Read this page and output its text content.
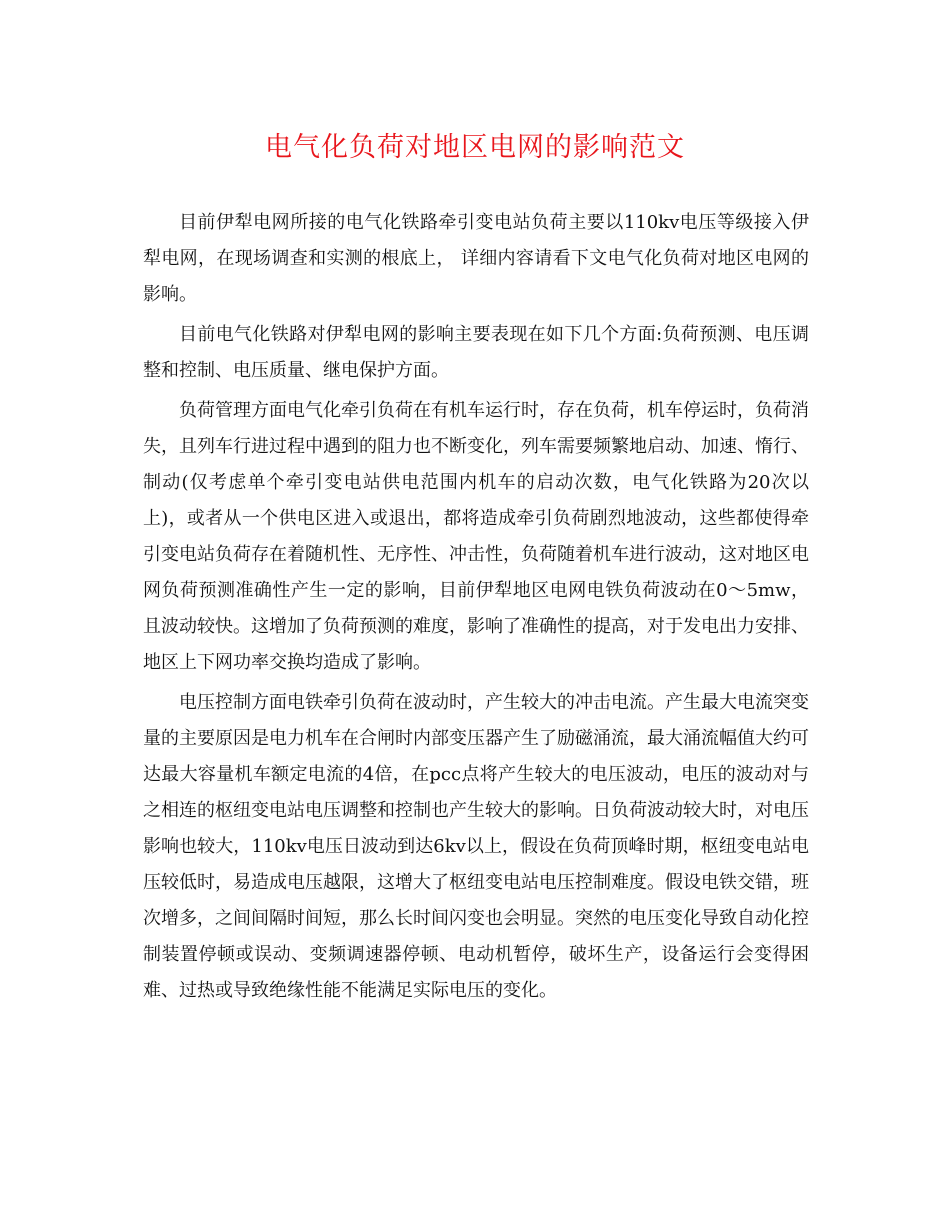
电气化负荷对地区电网的影响范文

目前伊犁电网所接的电气化铁路牵引变电站负荷主要以110kv电压等级接入伊犁电网，在现场调查和实测的根底上， 详细内容请看下文电气化负荷对地区电网的影响。

目前电气化铁路对伊犁电网的影响主要表现在如下几个方面:负荷预测、电压调整和控制、电压质量、继电保护方面。

负荷管理方面电气化牵引负荷在有机车运行时，存在负荷，机车停运时，负荷消失，且列车行进过程中遇到的阻力也不断变化，列车需要频繁地启动、加速、惰行、制动(仅考虑单个牵引变电站供电范围内机车的启动次数，电气化铁路为20次以上)，或者从一个供电区进入或退出，都将造成牵引负荷剧烈地波动，这些都使得牵引变电站负荷存在着随机性、无序性、冲击性，负荷随着机车进行波动，这对地区电网负荷预测准确性产生一定的影响，目前伊犁地区电网电铁负荷波动在0～5mw，且波动较快。这增加了负荷预测的难度，影响了准确性的提高，对于发电出力安排、地区上下网功率交换均造成了影响。

电压控制方面电铁牵引负荷在波动时，产生较大的冲击电流。产生最大电流突变量的主要原因是电力机车在合闸时内部变压器产生了励磁涌流，最大涌流幅值大约可达最大容量机车额定电流的4倍，在pcc点将产生较大的电压波动，电压的波动对与之相连的枢纽变电站电压调整和控制也产生较大的影响。日负荷波动较大时，对电压影响也较大，110kv电压日波动到达6kv以上，假设在负荷顶峰时期，枢纽变电站电压较低时，易造成电压越限，这增大了枢纽变电站电压控制难度。假设电铁交错，班次增多，之间间隔时间短，那么长时间闪变也会明显。突然的电压变化导致自动化控制装置停顿或误动、变频调速器停顿、电动机暂停，破坏生产，设备运行会变得困难、过热或导致绝缘性能不能满足实际电压的变化。
